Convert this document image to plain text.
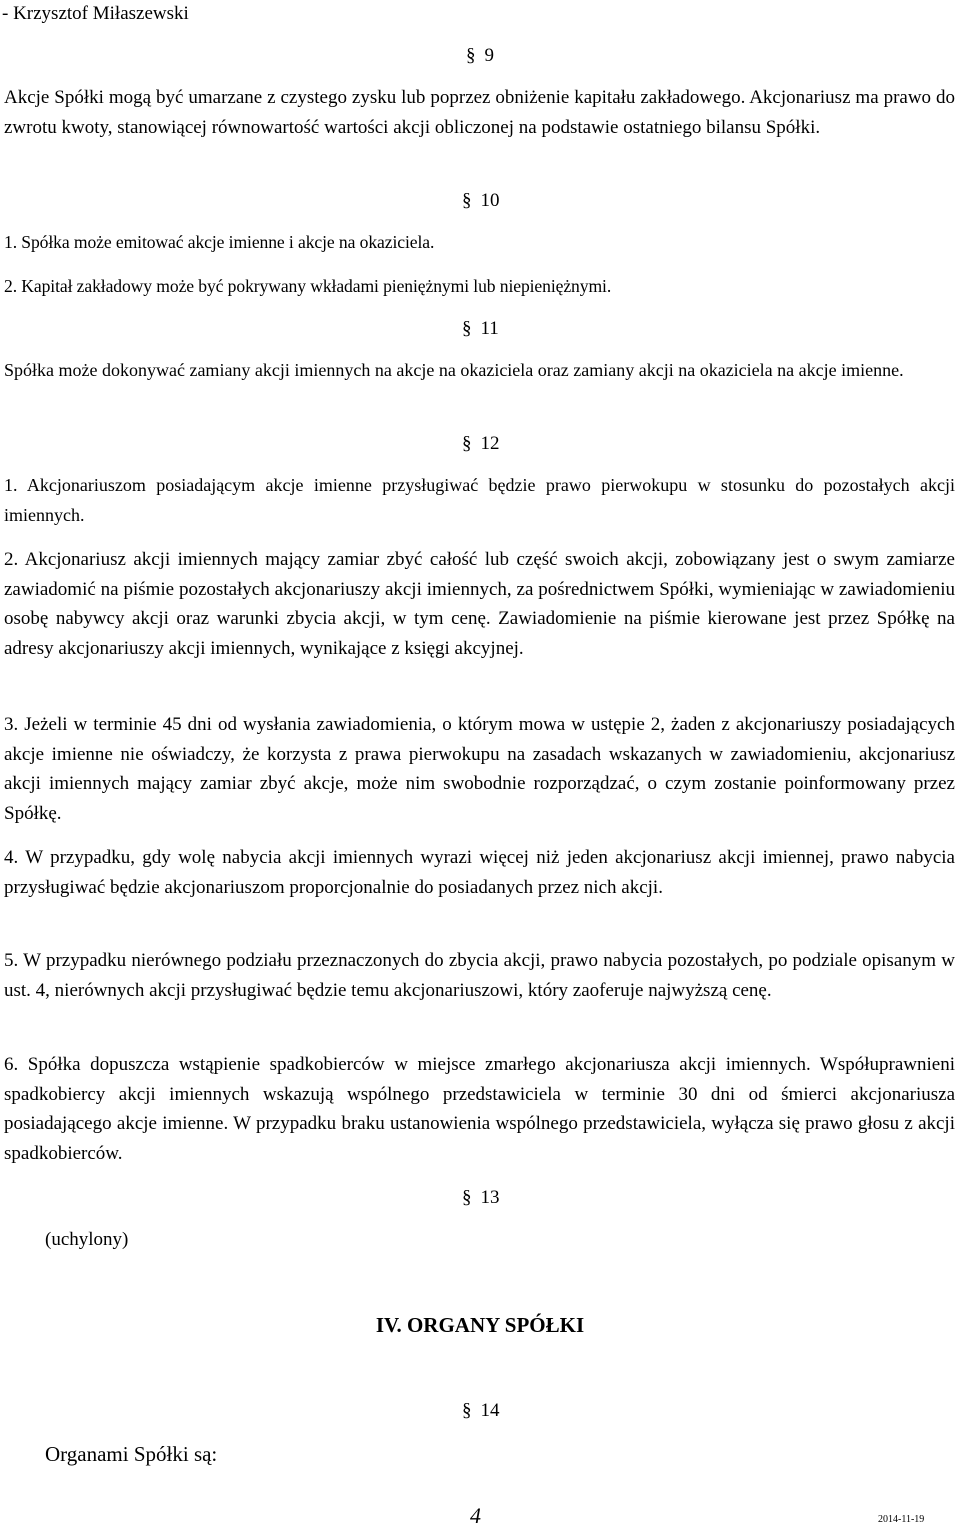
- Krzysztof Miłaszewski
§ 9

Akcje Spółki mogą być umarzane z czystego zysku lub poprzez obniżenie kapitału zakładowego. Akcjonariusz ma prawo do zwrotu kwoty, stanowiącej równowartość wartości akcji obliczonej na podstawie ostatniego bilansu Spółki.

§ 10
1. Spółka może emitować akcje imienne i akcje na okaziciela.
2. Kapitał zakładowy może być pokrywany wkładami pieniężnymi lub niepieniężnymi.
§ 11

Spółka może dokonywać zamiany akcji imiennych na akcje na okaziciela oraz zamiany akcji na okaziciela na akcje imienne.

§ 12

1. Akcjonariuszom posiadającym akcje imienne przysługiwać będzie prawo pierwokupu w stosunku do pozostałych akcji imiennych.

2. Akcjonariusz akcji imiennych mający zamiar zbyć całość lub część swoich akcji, zobowiązany jest o swym zamiarze zawiadomić na piśmie pozostałych akcjonariuszy akcji imiennych, za pośrednictwem Spółki, wymieniając w zawiadomieniu osobę nabywcy akcji oraz warunki zbycia akcji, w tym cenę. Zawiadomienie na piśmie kierowane jest przez Spółkę na adresy akcjonariuszy akcji imiennych, wynikające z księgi akcyjnej.

3. Jeżeli w terminie 45 dni od wysłania zawiadomienia, o którym mowa w ustępie 2, żaden z akcjonariuszy posiadających akcje imienne nie oświadczy, że korzysta z prawa pierwokupu na zasadach wskazanych w zawiadomieniu, akcjonariusz akcji imiennych mający zamiar zbyć akcje, może nim swobodnie rozporządzać, o czym zostanie poinformowany przez Spółkę.

4. W przypadku, gdy wolę nabycia akcji imiennych wyrazi więcej niż jeden akcjonariusz akcji imiennej, prawo nabycia przysługiwać będzie akcjonariuszom proporcjonalnie do posiadanych przez nich akcji.

5. W przypadku nierównego podziału przeznaczonych do zbycia akcji, prawo nabycia pozostałych, po podziale opisanym w ust. 4, nierównych akcji przysługiwać będzie temu akcjonariuszowi, który zaoferuje najwyższą cenę.

6. Spółka dopuszcza wstąpienie spadkobierców w miejsce zmarłego akcjonariusza akcji imiennych. Współuprawnieni spadkobiercy akcji imiennych wskazują wspólnego przedstawiciela w terminie 30 dni od śmierci akcjonariusza posiadającego akcje imienne. W przypadku braku ustanowienia wspólnego przedstawiciela, wyłącza się prawo głosu z akcji spadkobierców.

§ 13
(uchylony)
IV. ORGANY SPÓŁKI
§ 14
Organami Spółki są:
4	2014-11-19
